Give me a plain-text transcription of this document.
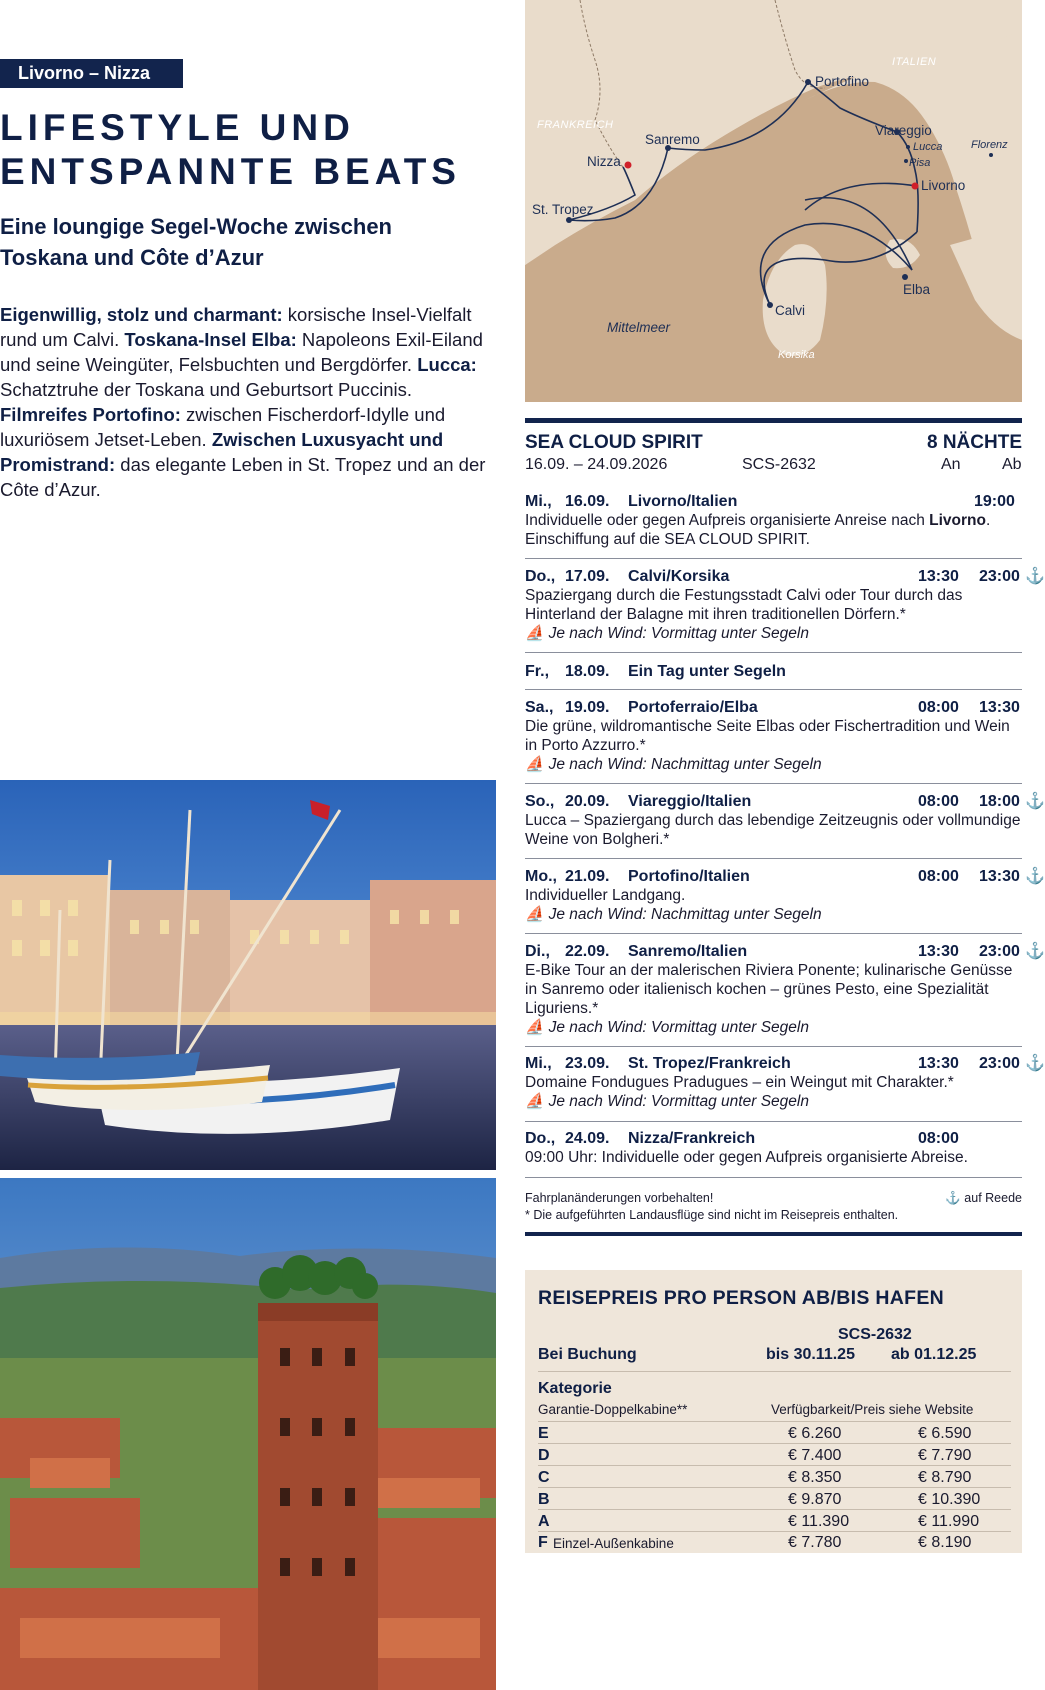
Livorno – Nizza
LIFESTYLE UND
ENTSPANNTE BEATS
Eine loungige Segel-Woche zwischen
Toskana und Côte d’Azur
Eigenwillig, stolz und charmant: korsische Insel-Vielfalt rund um Calvi. Toskana-Insel Elba: Napoleons Exil-Eiland und seine Weingüter, Felsbuchten und Bergdörfer. Lucca: Schatztruhe der Toskana und Geburtsort Puccinis. Filmreifes Portofino: zwischen Fischerdorf-Idylle und luxuriösem Jetset-Leben. Zwischen Luxusyacht und Promistrand: das elegante Leben in St. Tropez und an der Côte d’Azur.
FRANKREICH
ITALIEN
Portofino
Sanremo
Nizza
St. Tropez
Viareggio
Lucca
Pisa
Florenz
Livorno
Elba
Calvi
Mittelmeer
Korsika
SEA CLOUD SPIRIT	8 NÄCHTE
16.09. – 24.09.2026	SCS-2632	An	Ab
Mi., 16.09. Livorno/Italien	19:00

Individuelle oder gegen Aufpreis organisierte Anreise nach Livorno. Einschiffung auf die SEA CLOUD SPIRIT.

Do., 17.09. Calvi/Korsika	13:30 23:00 ⚓

Spaziergang durch die Festungsstadt Calvi oder Tour durch das Hinterland der Balagne mit ihren traditionellen Dörfern.*

⛵ Je nach Wind: Vormittag unter Segeln
Fr., 18.09. Ein Tag unter Segeln
Sa., 19.09. Portoferraio/Elba	08:00 13:30

Die grüne, wildromantische Seite Elbas oder Fischertradition und Wein in Porto Azzurro.*

⛵ Je nach Wind: Nachmittag unter Segeln
So., 20.09. Viareggio/Italien	08:00 18:00 ⚓

Lucca – Spaziergang durch das lebendige Zeitzeugnis oder vollmundige Weine von Bolgheri.*

Mo., 21.09. Portofino/Italien	08:00 13:30 ⚓

Individueller Landgang.

⛵ Je nach Wind: Nachmittag unter Segeln
Di., 22.09. Sanremo/Italien	13:30 23:00 ⚓

E-Bike Tour an der malerischen Riviera Ponente; kulinarische Genüsse in Sanremo oder italienisch kochen – grünes Pesto, eine Spezialität Liguriens.*

⛵ Je nach Wind: Vormittag unter Segeln
Mi., 23.09. St. Tropez/Frankreich	13:30 23:00 ⚓

Domaine Fondugues Pradugues – ein Weingut mit Charakter.*

⛵ Je nach Wind: Vormittag unter Segeln
Do., 24.09. Nizza/Frankreich	08:00

09:00 Uhr: Individuelle oder gegen Aufpreis organisierte Abreise.

Fahrplanänderungen vorbehalten!
* Die aufgeführten Landausflüge sind nicht im Reisepreis enthalten.
⚓ auf Reede
REISEPREIS PRO PERSON AB/BIS HAFEN
SCS-2632
Bei Buchung	bis 30.11.25 ab 01.12.25
Kategorie
Garantie-Doppelkabine**	Verfügbarkeit/Preis siehe Website
E	€ 6.260	€ 6.590
D	€ 7.400	€ 7.790
C	€ 8.350	€ 8.790
B	€ 9.870	€ 10.390
A	€ 11.390	€ 11.990
F Einzel-Außenkabine	€ 7.780	€ 8.190
